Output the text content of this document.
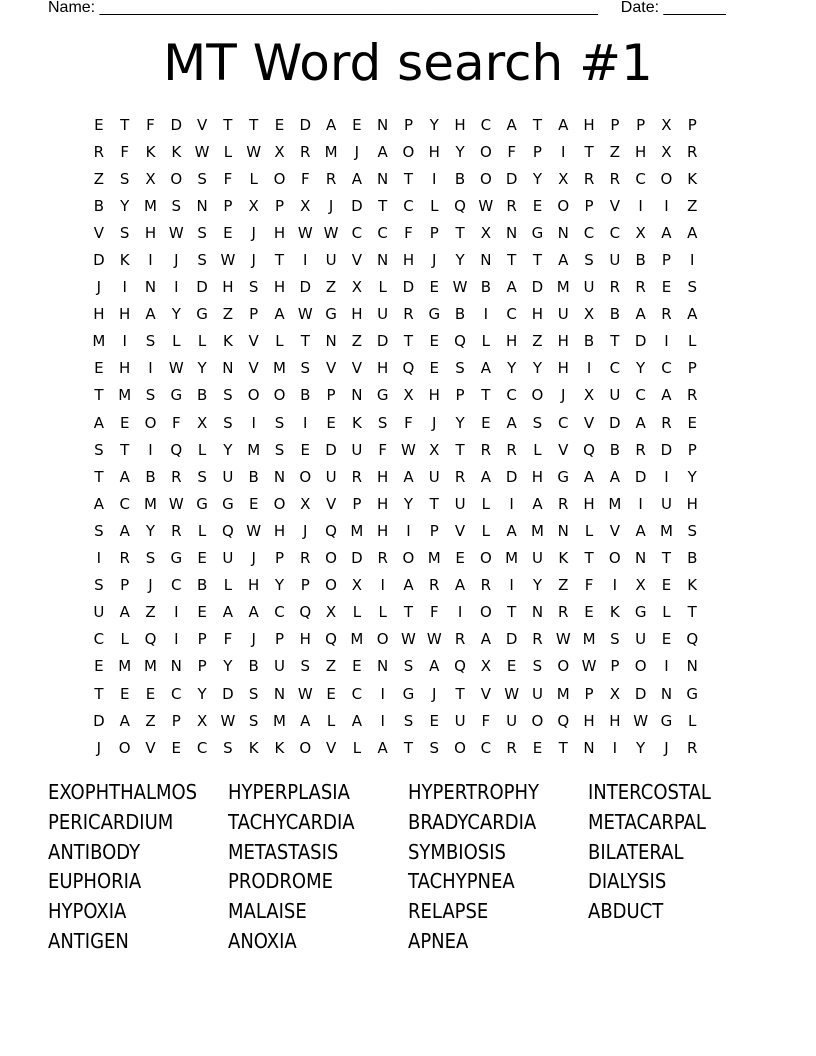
Name: ________________________________________________________ Date: _______
MT Word search #1
E	T	F	D V	T	T	E	D A	E	N	P	Y	H C	A	T	A	H	P	P	X	P
R	F	K	K W L W X	R M	J	A O H	Y	O	F	P	I	T	Z	H	X	R
Z	S	X O	S	F	L	O	F	R	A	N	T	I	B O D	Y	X	R	R	C O K
B	Y M S	N	P	X	P	X	J	D	T	C	L	Q W R	E	O	P	V	I	I	Z
V	S	H W S	E	J	H W W C	C	F	P	T	X	N G N C	C	X	A	A
D	K	I	J	S W	J	T	I	U	V	N H	J	Y	N	T	T	A	S	U	B	P	I
J	I	N	I	D H	S	H D Z	X	L	D	E W B	A D M U	R	R	E	S
H H	A	Y	G Z	P	A W G H U	R G B	I	C H U	X	B	A	R	A
M	I	S	L	L	K	V	L	T	N	Z D	T	E	Q	L	H	Z	H	B	T	D	I	L
E	H	I	W Y	N	V M S	V	V	H Q	E	S	A	Y	Y	H	I	C	Y	C	P
T M S	G B	S	O O B	P	N G X	H	P	T	C O	J	X	U	C	A	R
A	E	O	F	X	S	I	S	I	E	K	S	F	J	Y	E	A	S	C	V D A	R	E
S	T	I	Q	L	Y M S	E	D U	F W X	T	R	R	L	V Q B	R D	P
T	A	B	R	S	U	B	N O U	R H	A	U	R	A D H G A	A D	I	Y
A	C M W G G	E	O X	V	P	H	Y	T	U	L	I	A	R H M	I	U H
S	A	Y	R	L	Q W H	J	Q M H	I	P	V	L	A M N	L	V	A M S
I	R	S	G	E	U	J	P	R O D R O M E	O M U	K	T	O N	T	B
S	P	J	C	B	L	H	Y	P	O X	I	A	R	A	R	I	Y	Z	F	I	X	E	K
U	A	Z	I	E	A	A	C Q X	L	L	T	F	I	O	T	N R	E	K	G	L	T
C	L	Q	I	P	F	J	P	H Q M O W W R	A D R W M S	U	E	Q
E M M N	P	Y	B	U	S	Z	E	N	S	A Q X	E	S	O W P	O	I	N
T	E	E	C	Y	D	S	N W E	C	I	G	J	T	V W U M P	X D N G
D A	Z	P	X W S M A	L	A	I	S	E	U	F	U O Q H H W G	L
J	O V	E	C	S	K	K O V	L	A	T	S	O C	R	E	T	N	I	Y	J	R
EXOPHTHALMOS	HYPERPLASIA	HYPERTROPHY	INTERCOSTAL
PERICARDIUM	TACHYCARDIA	BRADYCARDIA	METACARPAL
ANTIBODY	METASTASIS	SYMBIOSIS	BILATERAL
EUPHORIA	PRODROME	TACHYPNEA	DIALYSIS
HYPOXIA	MALAISE	RELAPSE	ABDUCT
ANTIGEN	ANOXIA	APNEA
